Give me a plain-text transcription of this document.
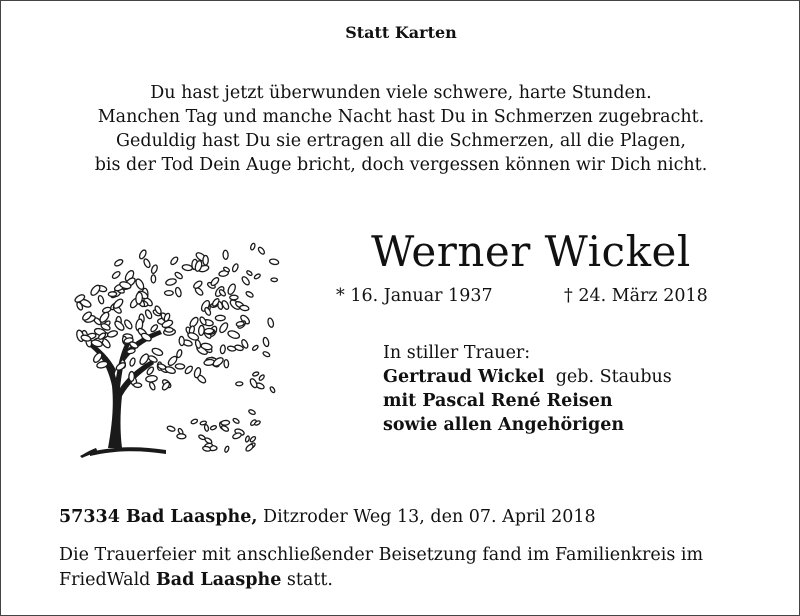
Statt Karten
Du hast jetzt überwunden viele schwere, harte Stunden.
Manchen Tag und manche Nacht hast Du in Schmerzen zugebracht.
Geduldig hast Du sie ertragen all die Schmerzen, all die Plagen,
bis der Tod Dein Auge bricht, doch vergessen können wir Dich nicht.
Werner Wickel
* 16. Januar 1937	† 24. März 2018
In stiller Trauer:
Gertraud Wickel geb. Staubus
mit Pascal René Reisen
sowie allen Angehörigen
57334 Bad Laasphe, Ditzroder Weg 13, den 07. April 2018
Die Trauerfeier mit anschließender Beisetzung fand im Familienkreis im
FriedWald Bad Laasphe statt.
